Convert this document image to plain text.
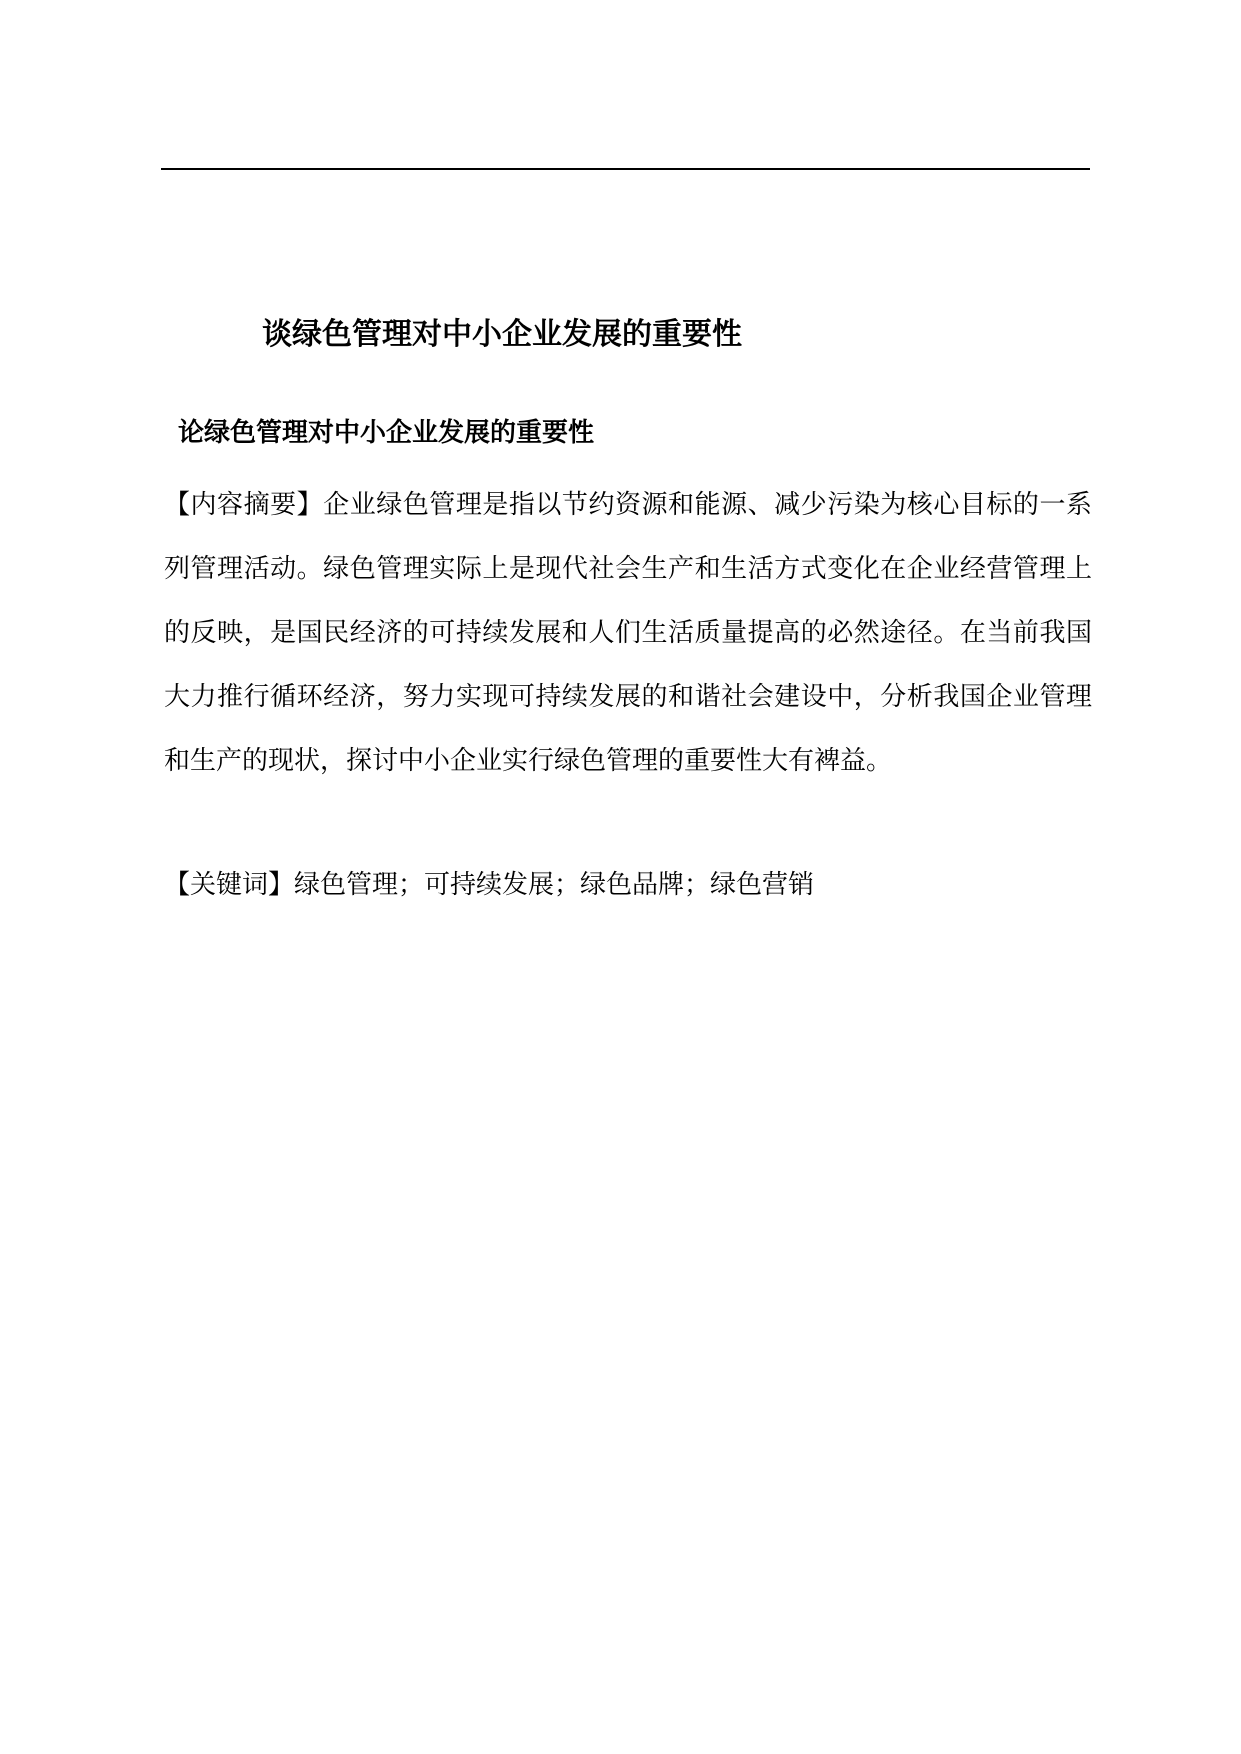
谈绿色管理对中小企业发展的重要性
论绿色管理对中小企业发展的重要性

【内容摘要】企业绿色管理是指以节约资源和能源、减少污染为核心目标的一系列管理活动。绿色管理实际上是现代社会生产和生活方式变化在企业经营管理上的反映，是国民经济的可持续发展和人们生活质量提高的必然途径。在当前我国大力推行循环经济，努力实现可持续发展的和谐社会建设中，分析我国企业管理和生产的现状，探讨中小企业实行绿色管理的重要性大有裨益。

【关键词】绿色管理；可持续发展；绿色品牌；绿色营销
